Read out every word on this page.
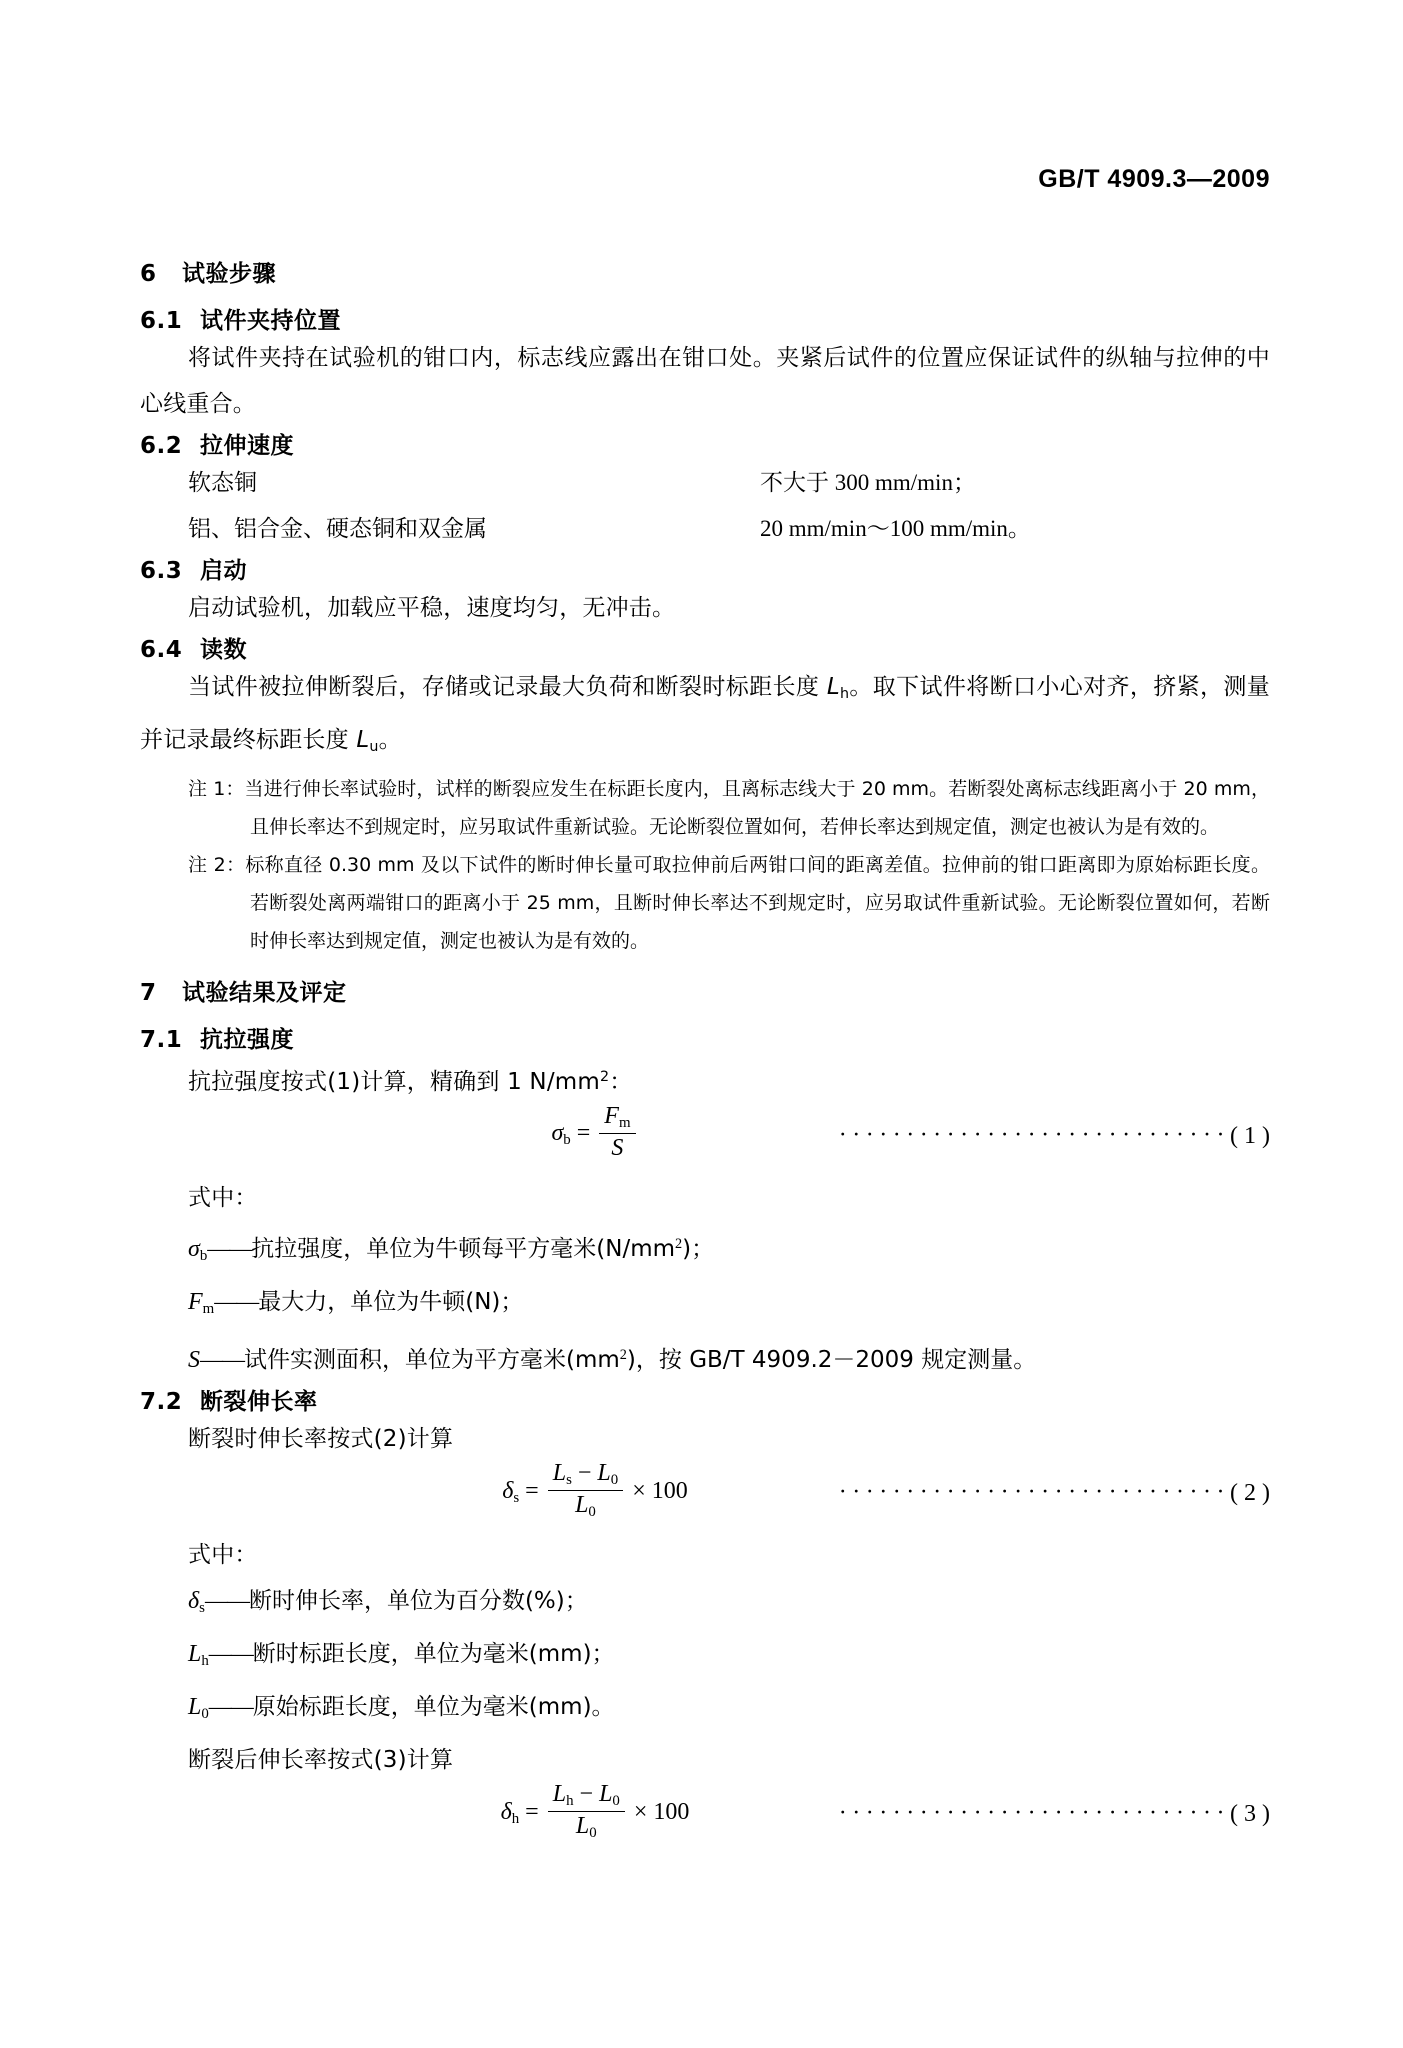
GB/T 4909.3—2009
6 试验步骤
6.1 试件夹持位置
将试件夹持在试验机的钳口内，标志线应露出在钳口处。夹紧后试件的位置应保证试件的纵轴与拉伸的中心线重合。
6.2 拉伸速度
软态铜	不大于 300 mm/min；
铝、铝合金、硬态铜和双金属	20 mm/min～100 mm/min。
6.3 启动
启动试验机，加载应平稳，速度均匀，无冲击。
6.4 读数
当试件被拉伸断裂后，存储或记录最大负荷和断裂时标距长度 $L_h$。取下试件将断口小心对齐，挤紧，测量并记录最终标距长度 $L_u$。
注 1：当进行伸长率试验时，试样的断裂应发生在标距长度内，且离标志线大于 20 mm。若断裂处离标志线距离小于 20 mm，且伸长率达不到规定时，应另取试件重新试验。无论断裂位置如何，若伸长率达到规定值，测定也被认为是有效的。
注 2：标称直径 0.30 mm 及以下试件的断时伸长量可取拉伸前后两钳口间的距离差值。拉伸前的钳口距离即为原始标距长度。若断裂处离两端钳口的距离小于 25 mm，且断时伸长率达不到规定时，应另取试件重新试验。无论断裂位置如何，若断时伸长率达到规定值，测定也被认为是有效的。
7 试验结果及评定
7.1 抗拉强度
抗拉强度按式(1)计算，精确到 1 $N/mm^2$：
$\sigma_b = \frac{F_m}{S}$	·····························( 1 )
式中：
$\sigma_b——$抗拉强度，单位为牛顿每平方毫米$(N/mm^2)$；
$F_m——$最大力，单位为牛顿(N)；
S——试件实测面积，单位为平方毫米$(mm^2)$，按 GB/T 4909.2－2009 规定测量。
7.2 断裂伸长率
断裂时伸长率按式(2)计算
$\delta_s = \frac{L_s - L_0}{L_0} \times 100$	·····························( 2 )
式中：
$\delta_s——$断时伸长率，单位为百分数(%)；
$L_h——$断时标距长度，单位为毫米(mm)；
$L_0——$原始标距长度，单位为毫米(mm)。
断裂后伸长率按式(3)计算
$\delta_h = \frac{L_h - L_0}{L_0} \times 100$	·····························( 3 )
